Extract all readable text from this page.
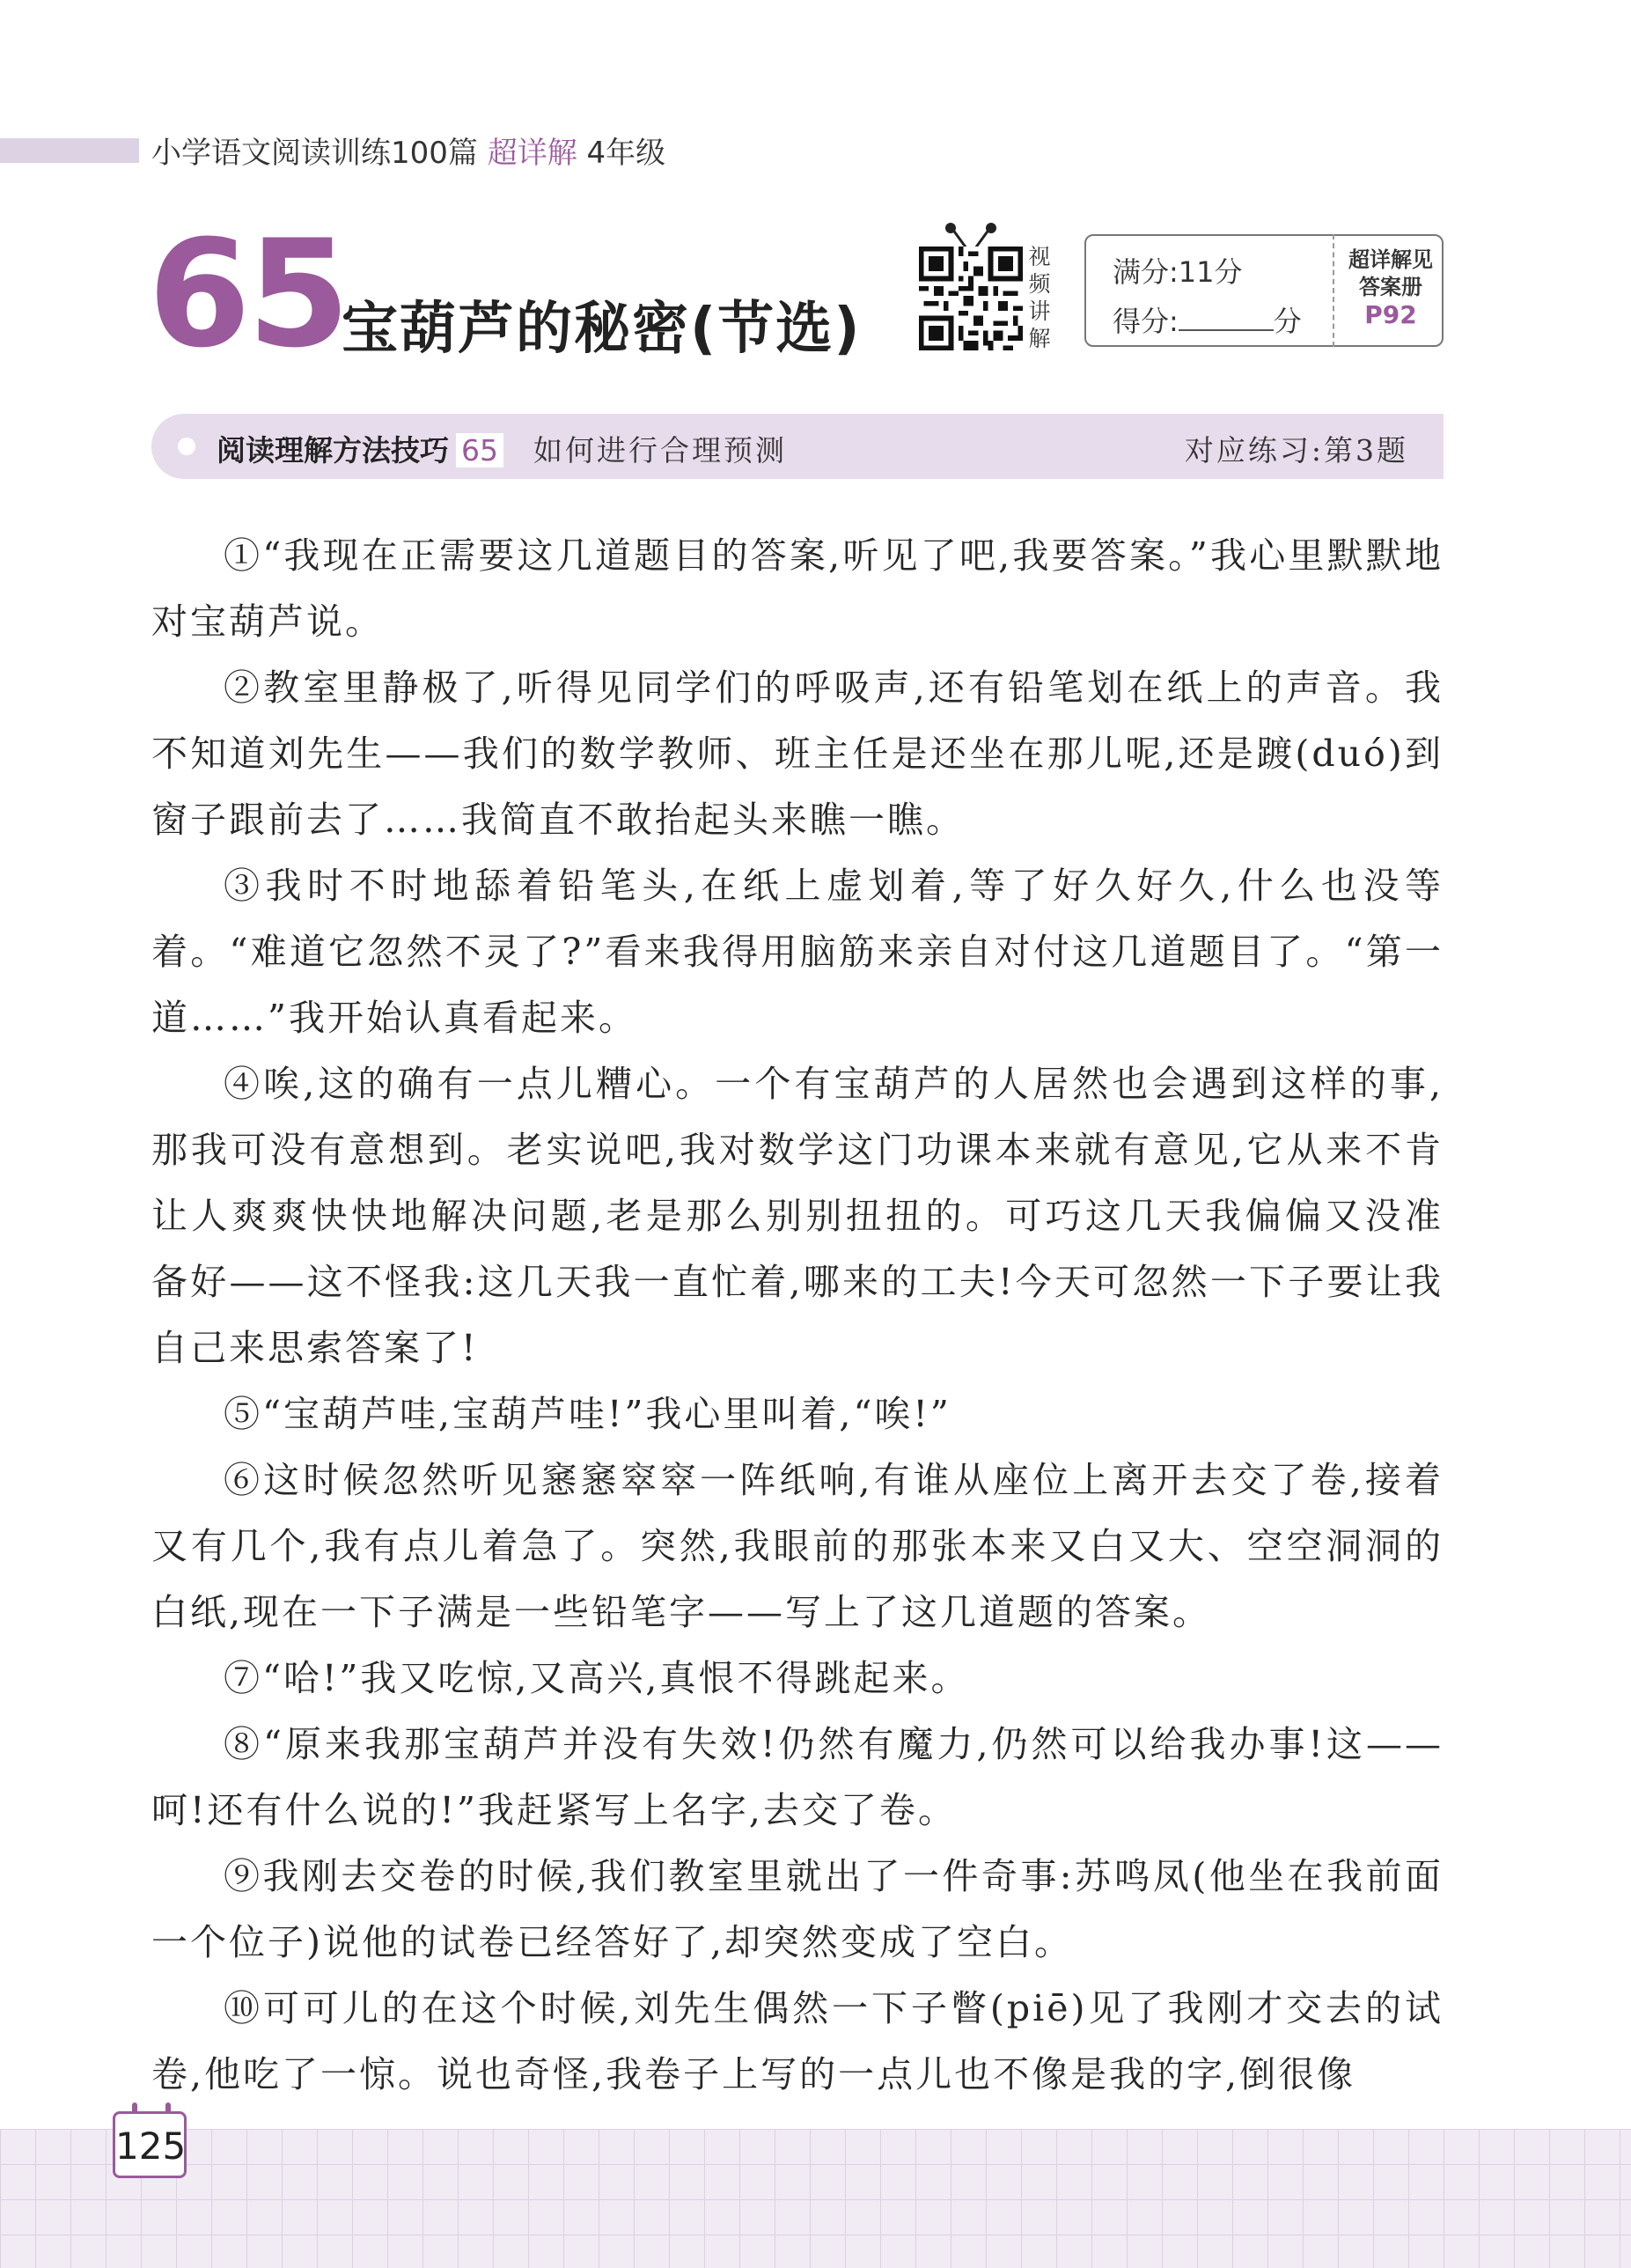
小学语文阅读训练100篇 超详解 4年级
65
宝葫芦的秘密(节选)
视
频
讲
解
满分:11分
得分:	分
超详解见
答案册
P92
阅读理解方法技巧 65	如何进行合理预测	对应练习:第3题

①“我现在正需要这几道题目的答案,听见了吧,我要答案。”我心里默默地对宝葫芦说。

②教室里静极了,听得见同学们的呼吸声,还有铅笔划在纸上的声音。我不知道刘先生——我们的数学教师、班主任是还坐在那儿呢,还是踱(duó)到窗子跟前去了……我简直不敢抬起头来瞧一瞧。

③我时不时地舔着铅笔头,在纸上虚划着,等了好久好久,什么也没等着。“难道它忽然不灵了?”看来我得用脑筋来亲自对付这几道题目了。“第一道……”我开始认真看起来。

④唉,这的确有一点儿糟心。一个有宝葫芦的人居然也会遇到这样的事,那我可没有意想到。老实说吧,我对数学这门功课本来就有意见,它从来不肯让人爽爽快快地解决问题,老是那么别别扭扭的。可巧这几天我偏偏又没准备好——这不怪我:这几天我一直忙着,哪来的工夫!今天可忽然一下子要让我自己来思索答案了!

⑤“宝葫芦哇,宝葫芦哇!”我心里叫着,“唉!”

⑥这时候忽然听见窸窸窣窣一阵纸响,有谁从座位上离开去交了卷,接着又有几个,我有点儿着急了。突然,我眼前的那张本来又白又大、空空洞洞的白纸,现在一下子满是一些铅笔字——写上了这几道题的答案。

⑦“哈!”我又吃惊,又高兴,真恨不得跳起来。

⑧“原来我那宝葫芦并没有失效!仍然有魔力,仍然可以给我办事!这——呵!还有什么说的!”我赶紧写上名字,去交了卷。

⑨我刚去交卷的时候,我们教室里就出了一件奇事:苏鸣凤(他坐在我前面一个位子)说他的试卷已经答好了,却突然变成了空白。

⑩可可儿的在这个时候,刘先生偶然一下子瞥(piē)见了我刚才交去的试卷,他吃了一惊。说也奇怪,我卷子上写的一点儿也不像是我的字,倒很像

125
